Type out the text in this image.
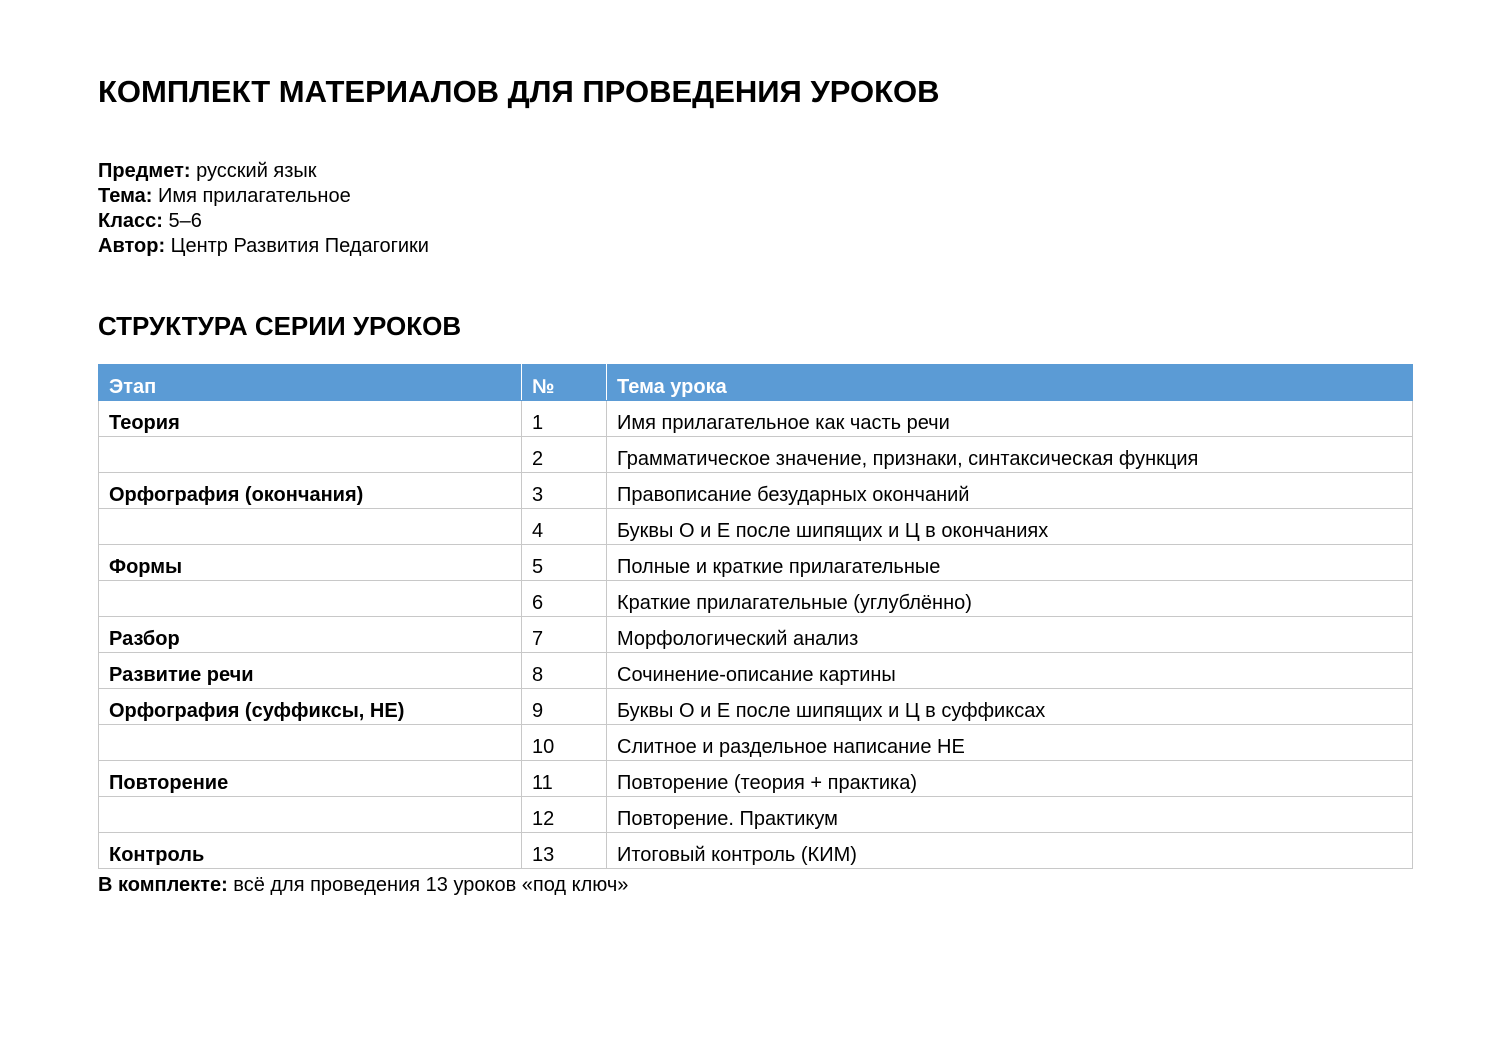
КОМПЛЕКТ МАТЕРИАЛОВ ДЛЯ ПРОВЕДЕНИЯ УРОКОВ
Предмет: русский язык
Тема: Имя прилагательное
Класс: 5–6
Автор: Центр Развития Педагогики
СТРУКТУРА СЕРИИ УРОКОВ
Этап	№	Тема урока
Теория	1	Имя прилагательное как часть речи
	2	Грамматическое значение, признаки, синтаксическая функция
Орфография (окончания)	3	Правописание безударных окончаний
	4	Буквы О и Е после шипящих и Ц в окончаниях
Формы	5	Полные и краткие прилагательные
	6	Краткие прилагательные (углублённо)
Разбор	7	Морфологический анализ
Развитие речи	8	Сочинение-описание картины
Орфография (суффиксы, НЕ)	9	Буквы О и Е после шипящих и Ц в суффиксах
	10	Слитное и раздельное написание НЕ
Повторение	11	Повторение (теория + практика)
	12	Повторение. Практикум
Контроль	13	Итоговый контроль (КИМ)
В комплекте: всё для проведения 13 уроков «под ключ»
